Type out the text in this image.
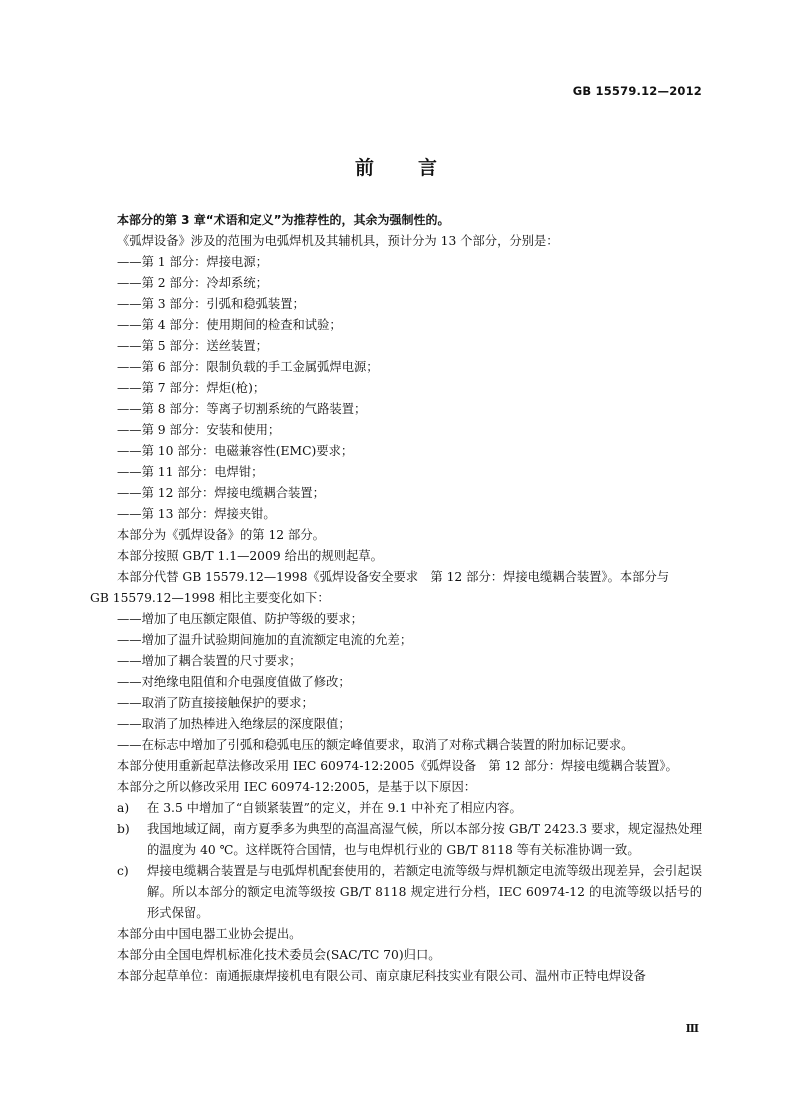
GB 15579.12—2012
前言
本部分的第 3 章“术语和定义”为推荐性的，其余为强制性的。
《弧焊设备》涉及的范围为电弧焊机及其辅机具，预计分为 13 个部分，分别是：
——第 1 部分：焊接电源；
——第 2 部分：冷却系统；
——第 3 部分：引弧和稳弧装置；
——第 4 部分：使用期间的检查和试验；
——第 5 部分：送丝装置；
——第 6 部分：限制负载的手工金属弧焊电源；
——第 7 部分：焊炬(枪)；
——第 8 部分：等离子切割系统的气路装置；
——第 9 部分：安装和使用；
——第 10 部分：电磁兼容性(EMC)要求；
——第 11 部分：电焊钳；
——第 12 部分：焊接电缆耦合装置；
——第 13 部分：焊接夹钳。
本部分为《弧焊设备》的第 12 部分。
本部分按照 GB/T 1.1—2009 给出的规则起草。
本部分代替 GB 15579.12—1998《弧焊设备安全要求　第 12 部分：焊接电缆耦合装置》。本部分与
GB 15579.12—1998 相比主要变化如下：
——增加了电压额定限值、防护等级的要求；
——增加了温升试验期间施加的直流额定电流的允差；
——增加了耦合装置的尺寸要求；
——对绝缘电阻值和介电强度值做了修改；
——取消了防直接接触保护的要求；
——取消了加热棒进入绝缘层的深度限值；
——在标志中增加了引弧和稳弧电压的额定峰值要求，取消了对称式耦合装置的附加标记要求。
本部分使用重新起草法修改采用 IEC 60974-12:2005《弧焊设备　第 12 部分：焊接电缆耦合装置》。
本部分之所以修改采用 IEC 60974-12:2005，是基于以下原因：
a)	在 3.5 中增加了“自锁紧装置”的定义，并在 9.1 中补充了相应内容。
b)	我国地域辽阔，南方夏季多为典型的高温高湿气候，所以本部分按 GB/T 2423.3 要求，规定湿热处理的温度为 40 ℃。这样既符合国情，也与电焊机行业的 GB/T 8118 等有关标准协调一致。
c)	焊接电缆耦合装置是与电弧焊机配套使用的，若额定电流等级与焊机额定电流等级出现差异，会引起误解。所以本部分的额定电流等级按 GB/T 8118 规定进行分档，IEC 60974-12 的电流等级以括号的形式保留。
本部分由中国电器工业协会提出。
本部分由全国电焊机标准化技术委员会(SAC/TC 70)归口。
本部分起草单位：南通振康焊接机电有限公司、南京康尼科技实业有限公司、温州市正特电焊设备
Ⅲ
